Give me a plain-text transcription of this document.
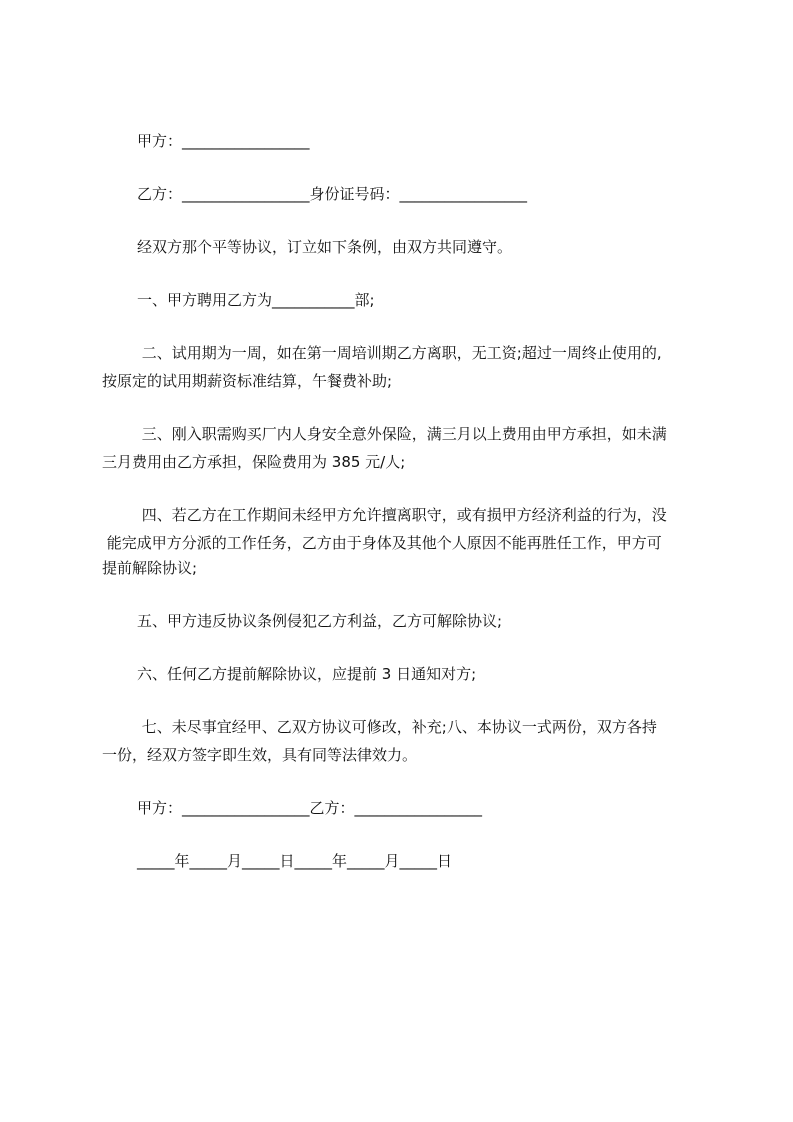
甲方：_________________
乙方：_________________身份证号码：_________________
经双方那个平等协议，订立如下条例，由双方共同遵守。
一、甲方聘用乙方为___________部;
二、试用期为一周，如在第一周培训期乙方离职，无工资;超过一周终止使用的,
按原定的试用期薪资标准结算，午餐费补助;
三、刚入职需购买厂内人身安全意外保险，满三月以上费用由甲方承担，如未满
三月费用由乙方承担，保险费用为 385 元/人;
四、若乙方在工作期间未经甲方允许擅离职守，或有损甲方经济利益的行为，没
能完成甲方分派的工作任务，乙方由于身体及其他个人原因不能再胜任工作，甲方可
提前解除协议;
五、甲方违反协议条例侵犯乙方利益，乙方可解除协议;
六、任何乙方提前解除协议，应提前 3 日通知对方;
七、未尽事宜经甲、乙双方协议可修改，补充;八、本协议一式两份，双方各持
一份，经双方签字即生效，具有同等法律效力。
甲方：_________________乙方：_________________
_____年_____月_____日_____年_____月_____日
